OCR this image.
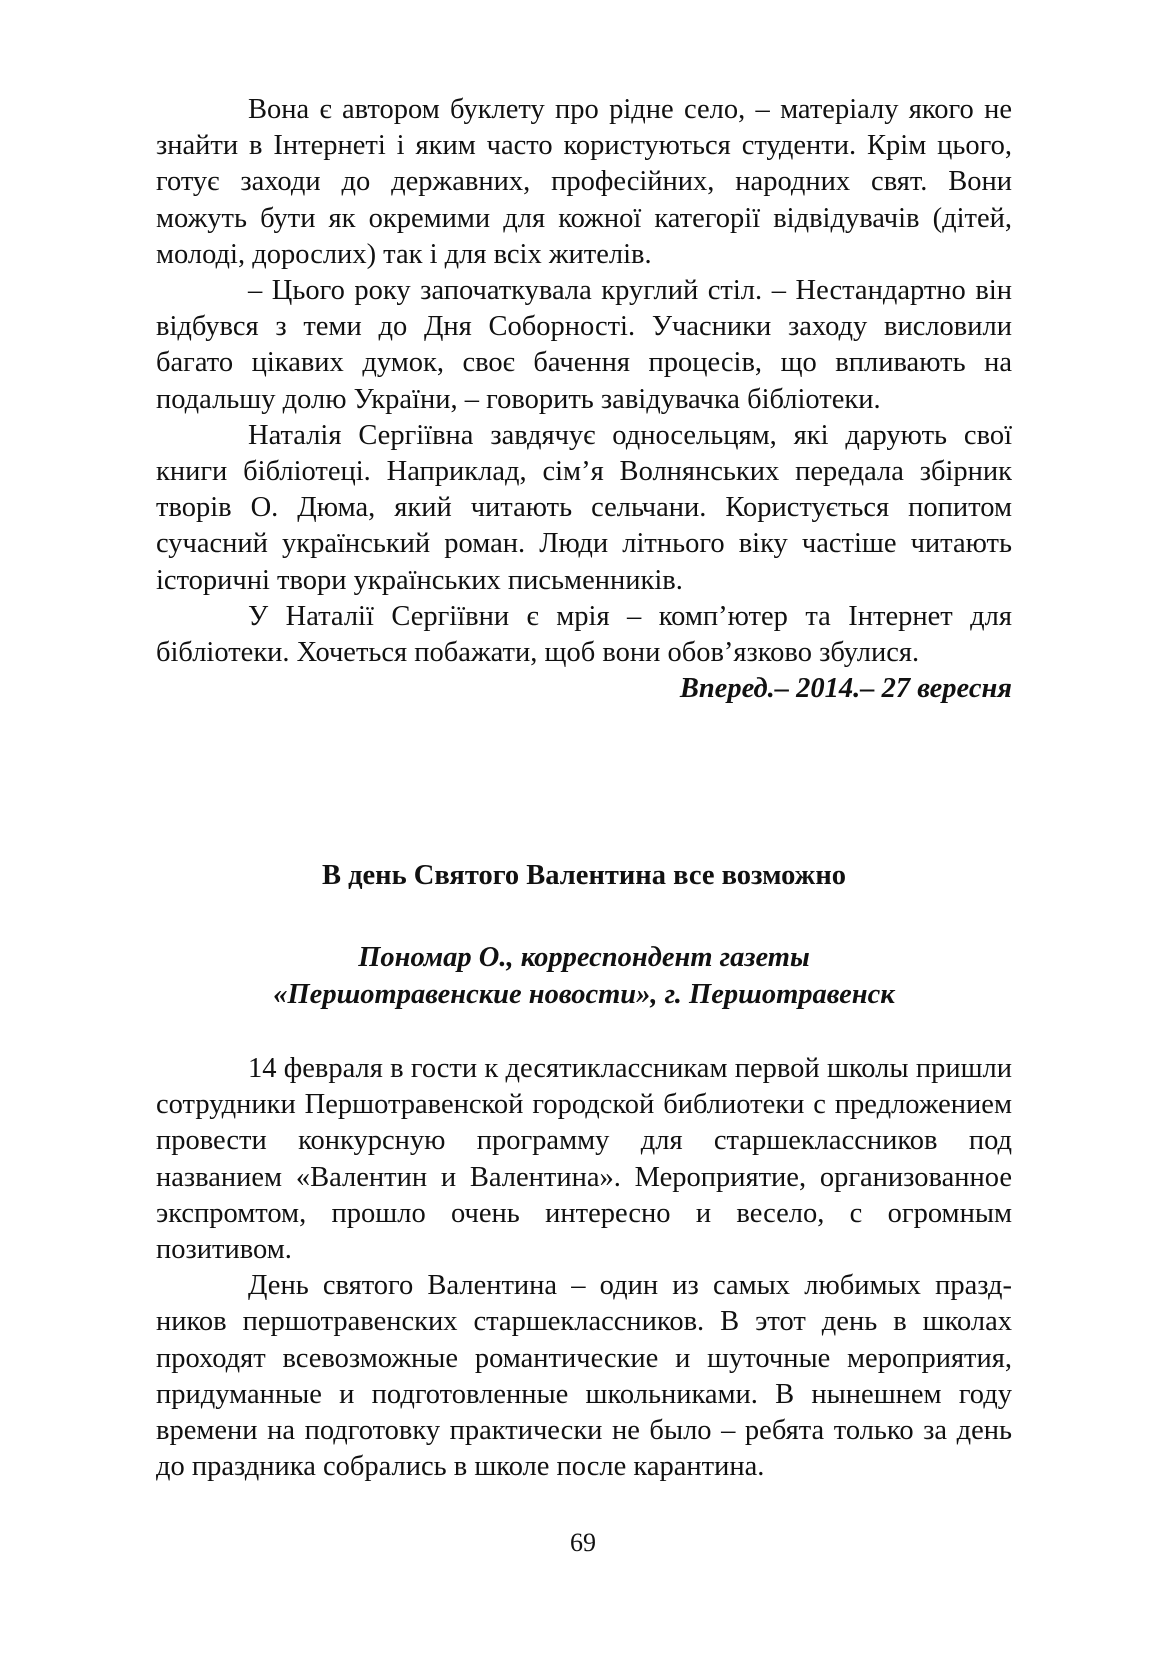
Вона є автором буклету про рідне село, – матеріалу якого не знайти в Інтернеті і яким часто користуються студенти. Крім цього, готує заходи до державних, професійних, народних свят. Вони можуть бути як окремими для кожної категорії відвідувачів (дітей, молоді, дорослих) так і для всіх жителів.

– Цього року започаткувала круглий стіл. – Нестандартно він відбувся з теми до Дня Соборності. Учасники заходу висловили багато цікавих думок, своє бачення процесів, що впливають на подальшу долю України, – говорить завідувачка бібліотеки.

Наталія Сергіївна завдячує односельцям, які дарують свої книги бібліотеці. Наприклад, сім’я Волнянських передала збірник творів О. Дюма, який читають сельчани. Користується попитом сучасний український роман. Люди літнього віку частіше читають історичні твори українських письменників.

У Наталії Сергіївни є мрія – комп’ютер та Інтернет для бібліотеки. Хочеться побажати, щоб вони обов’язково збулися.

Вперед.– 2014.– 27 вересня

В день Святого Валентина все возможно
Пономар О., корреспондент газеты
«Першотравенские новости», г. Першотравенск

14 февраля в гости к десятиклассникам первой школы пришли сотрудники Першотравенской городской библиотеки с предложением провести конкурсную программу для старшеклассников под названием «Валентин и Валентина». Мероприятие, организованное экспромтом, прошло очень интересно и весело, с огромным позитивом.

День святого Валентина – один из самых любимых праздников першотравенских старшеклассников. В этот день в школах проходят всевозможные романтические и шуточные мероприятия, придуманные и подготовленные школьниками. В нынешнем году времени на подготовку практически не было – ребята только за день до праздника собрались в школе после карантина.

69
